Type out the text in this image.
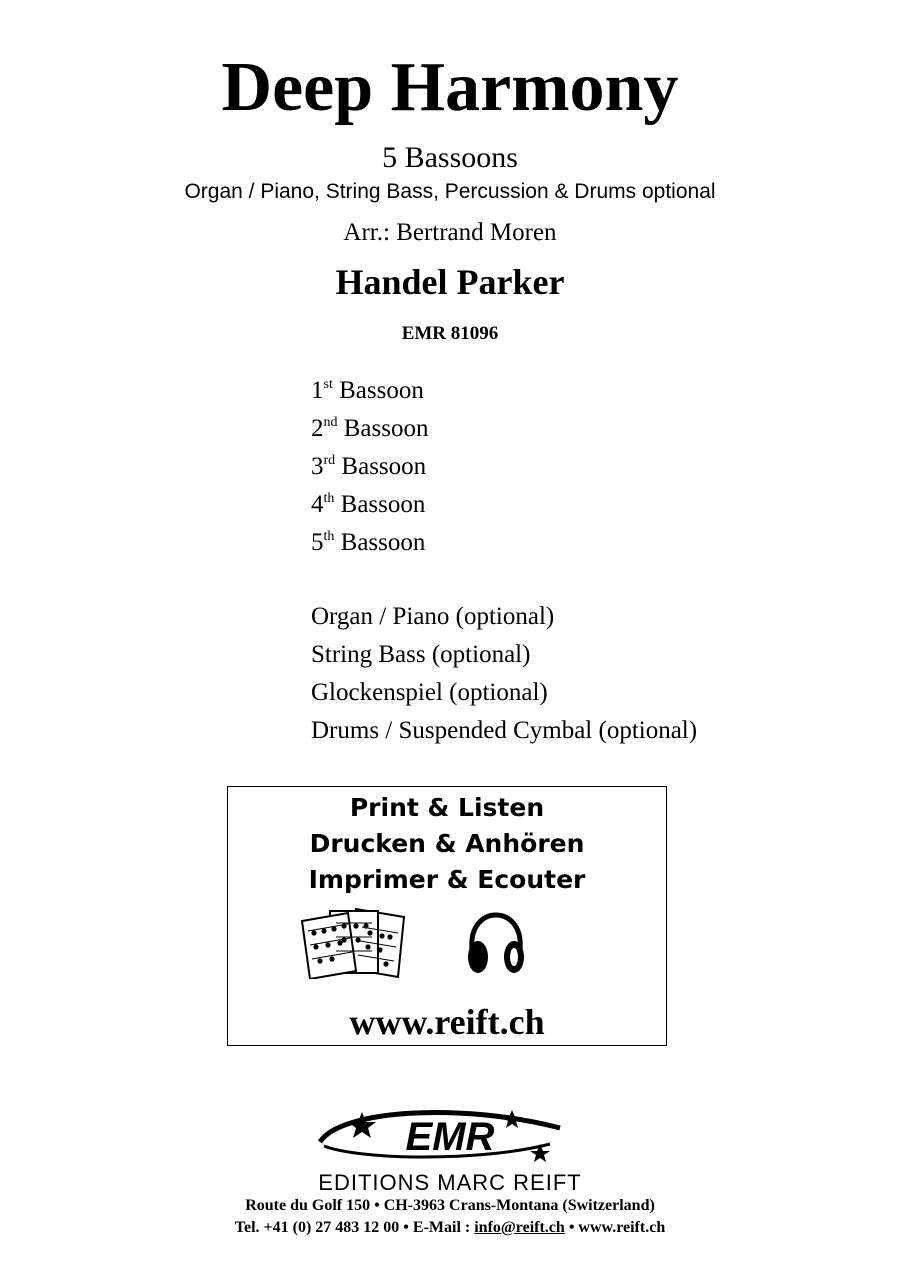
Deep Harmony
5 Bassoons
Organ / Piano, String Bass, Percussion & Drums optional
Arr.: Bertrand Moren
Handel Parker
EMR 81096
1st Bassoon
2nd Bassoon
3rd Bassoon
4th Bassoon
5th Bassoon
Organ / Piano (optional)
String Bass (optional)
Glockenspiel (optional)
Drums / Suspended Cymbal (optional)
Print & Listen
Drucken & Anhören
Imprimer & Ecouter
www.reift.ch
EMR
EDITIONS MARC REIFT
Route du Golf 150 • CH-3963 Crans-Montana (Switzerland)
Tel. +41 (0) 27 483 12 00 • E-Mail : info@reift.ch • www.reift.ch
